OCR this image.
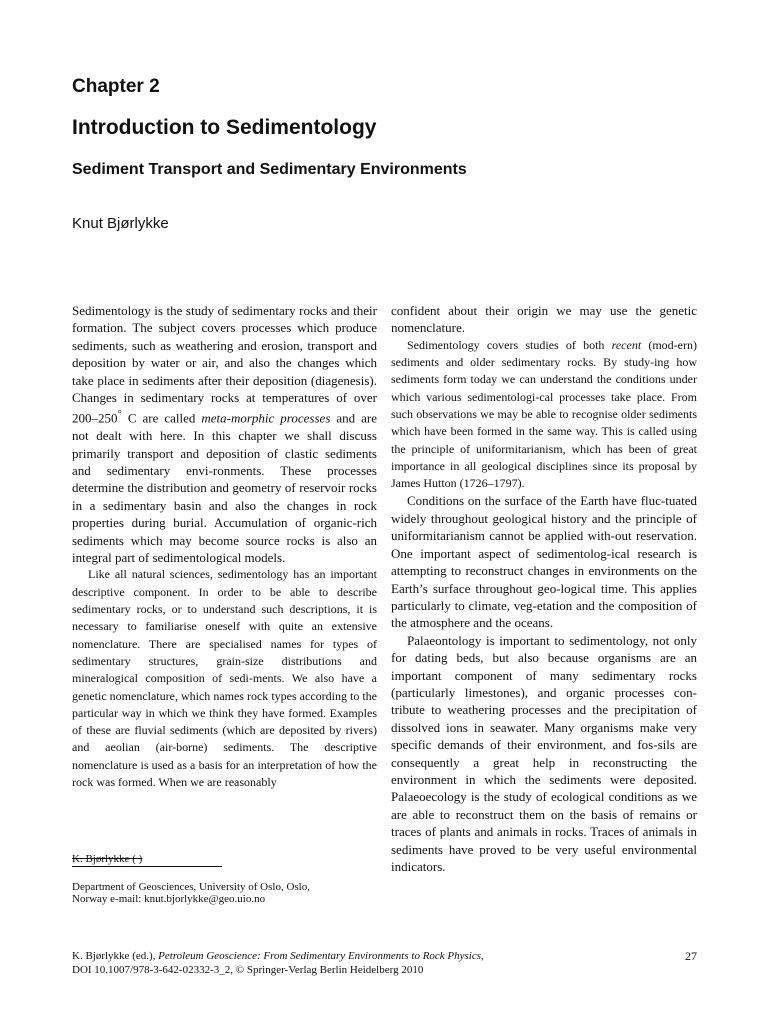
Chapter 2
Introduction to Sedimentology
Sediment Transport and Sedimentary Environments
Knut Bjørlykke

Sedimentology is the study of sedimentary rocks and their formation. The subject covers processes which produce sediments, such as weathering and erosion, transport and deposition by water or air, and also the changes which take place in sediments after their deposition (diagenesis). Changes in sedimentary rocks at temperatures of over 200–250° C are called meta-morphic processes and are not dealt with here. In this chapter we shall discuss primarily transport and deposition of clastic sediments and sedimentary envi-ronments. These processes determine the distribution and geometry of reservoir rocks in a sedimentary basin and also the changes in rock properties during burial. Accumulation of organic-rich sediments which may become source rocks is also an integral part of sedimentological models.

Like all natural sciences, sedimentology has an important descriptive component. In order to be able to describe sedimentary rocks, or to understand such descriptions, it is necessary to familiarise oneself with quite an extensive nomenclature. There are specialised names for types of sedimentary structures, grain-size distributions and mineralogical composition of sedi-ments. We also have a genetic nomenclature, which names rock types according to the particular way in which we think they have formed. Examples of these are fluvial sediments (which are deposited by rivers) and aeolian (air-borne) sediments. The descriptive nomenclature is used as a basis for an interpretation of how the rock was formed. When we are reasonably

confident about their origin we may use the genetic nomenclature.

Sedimentology covers studies of both recent (mod-ern) sediments and older sedimentary rocks. By study-ing how sediments form today we can understand the conditions under which various sedimentologi-cal processes take place. From such observations we may be able to recognise older sediments which have been formed in the same way. This is called using the principle of uniformitarianism, which has been of great importance in all geological disciplines since its proposal by James Hutton (1726–1797).

Conditions on the surface of the Earth have fluc-tuated widely throughout geological history and the principle of uniformitarianism cannot be applied with-out reservation. One important aspect of sedimentolog-ical research is attempting to reconstruct changes in environments on the Earth’s surface throughout geo-logical time. This applies particularly to climate, veg-etation and the composition of the atmosphere and the oceans.

Palaeontology is important to sedimentology, not only for dating beds, but also because organisms are an important component of many sedimentary rocks (particularly limestones), and organic processes con-tribute to weathering processes and the precipitation of dissolved ions in seawater. Many organisms make very specific demands of their environment, and fos-sils are consequently a great help in reconstructing the environment in which the sediments were deposited. Palaeoecology is the study of ecological conditions as we are able to reconstruct them on the basis of remains or traces of plants and animals in rocks. Traces of animals in sediments have proved to be very useful environmental indicators.

K. Bjørlykke ( )
Department of Geosciences, University of Oslo, Oslo,
Norway e-mail: knut.bjorlykke@geo.uio.no
K. Bjørlykke (ed.), Petroleum Geoscience: From Sedimentary Environments to Rock Physics,
DOI 10.1007/978-3-642-02332-3_2, © Springer-Verlag Berlin Heidelberg 2010
27
